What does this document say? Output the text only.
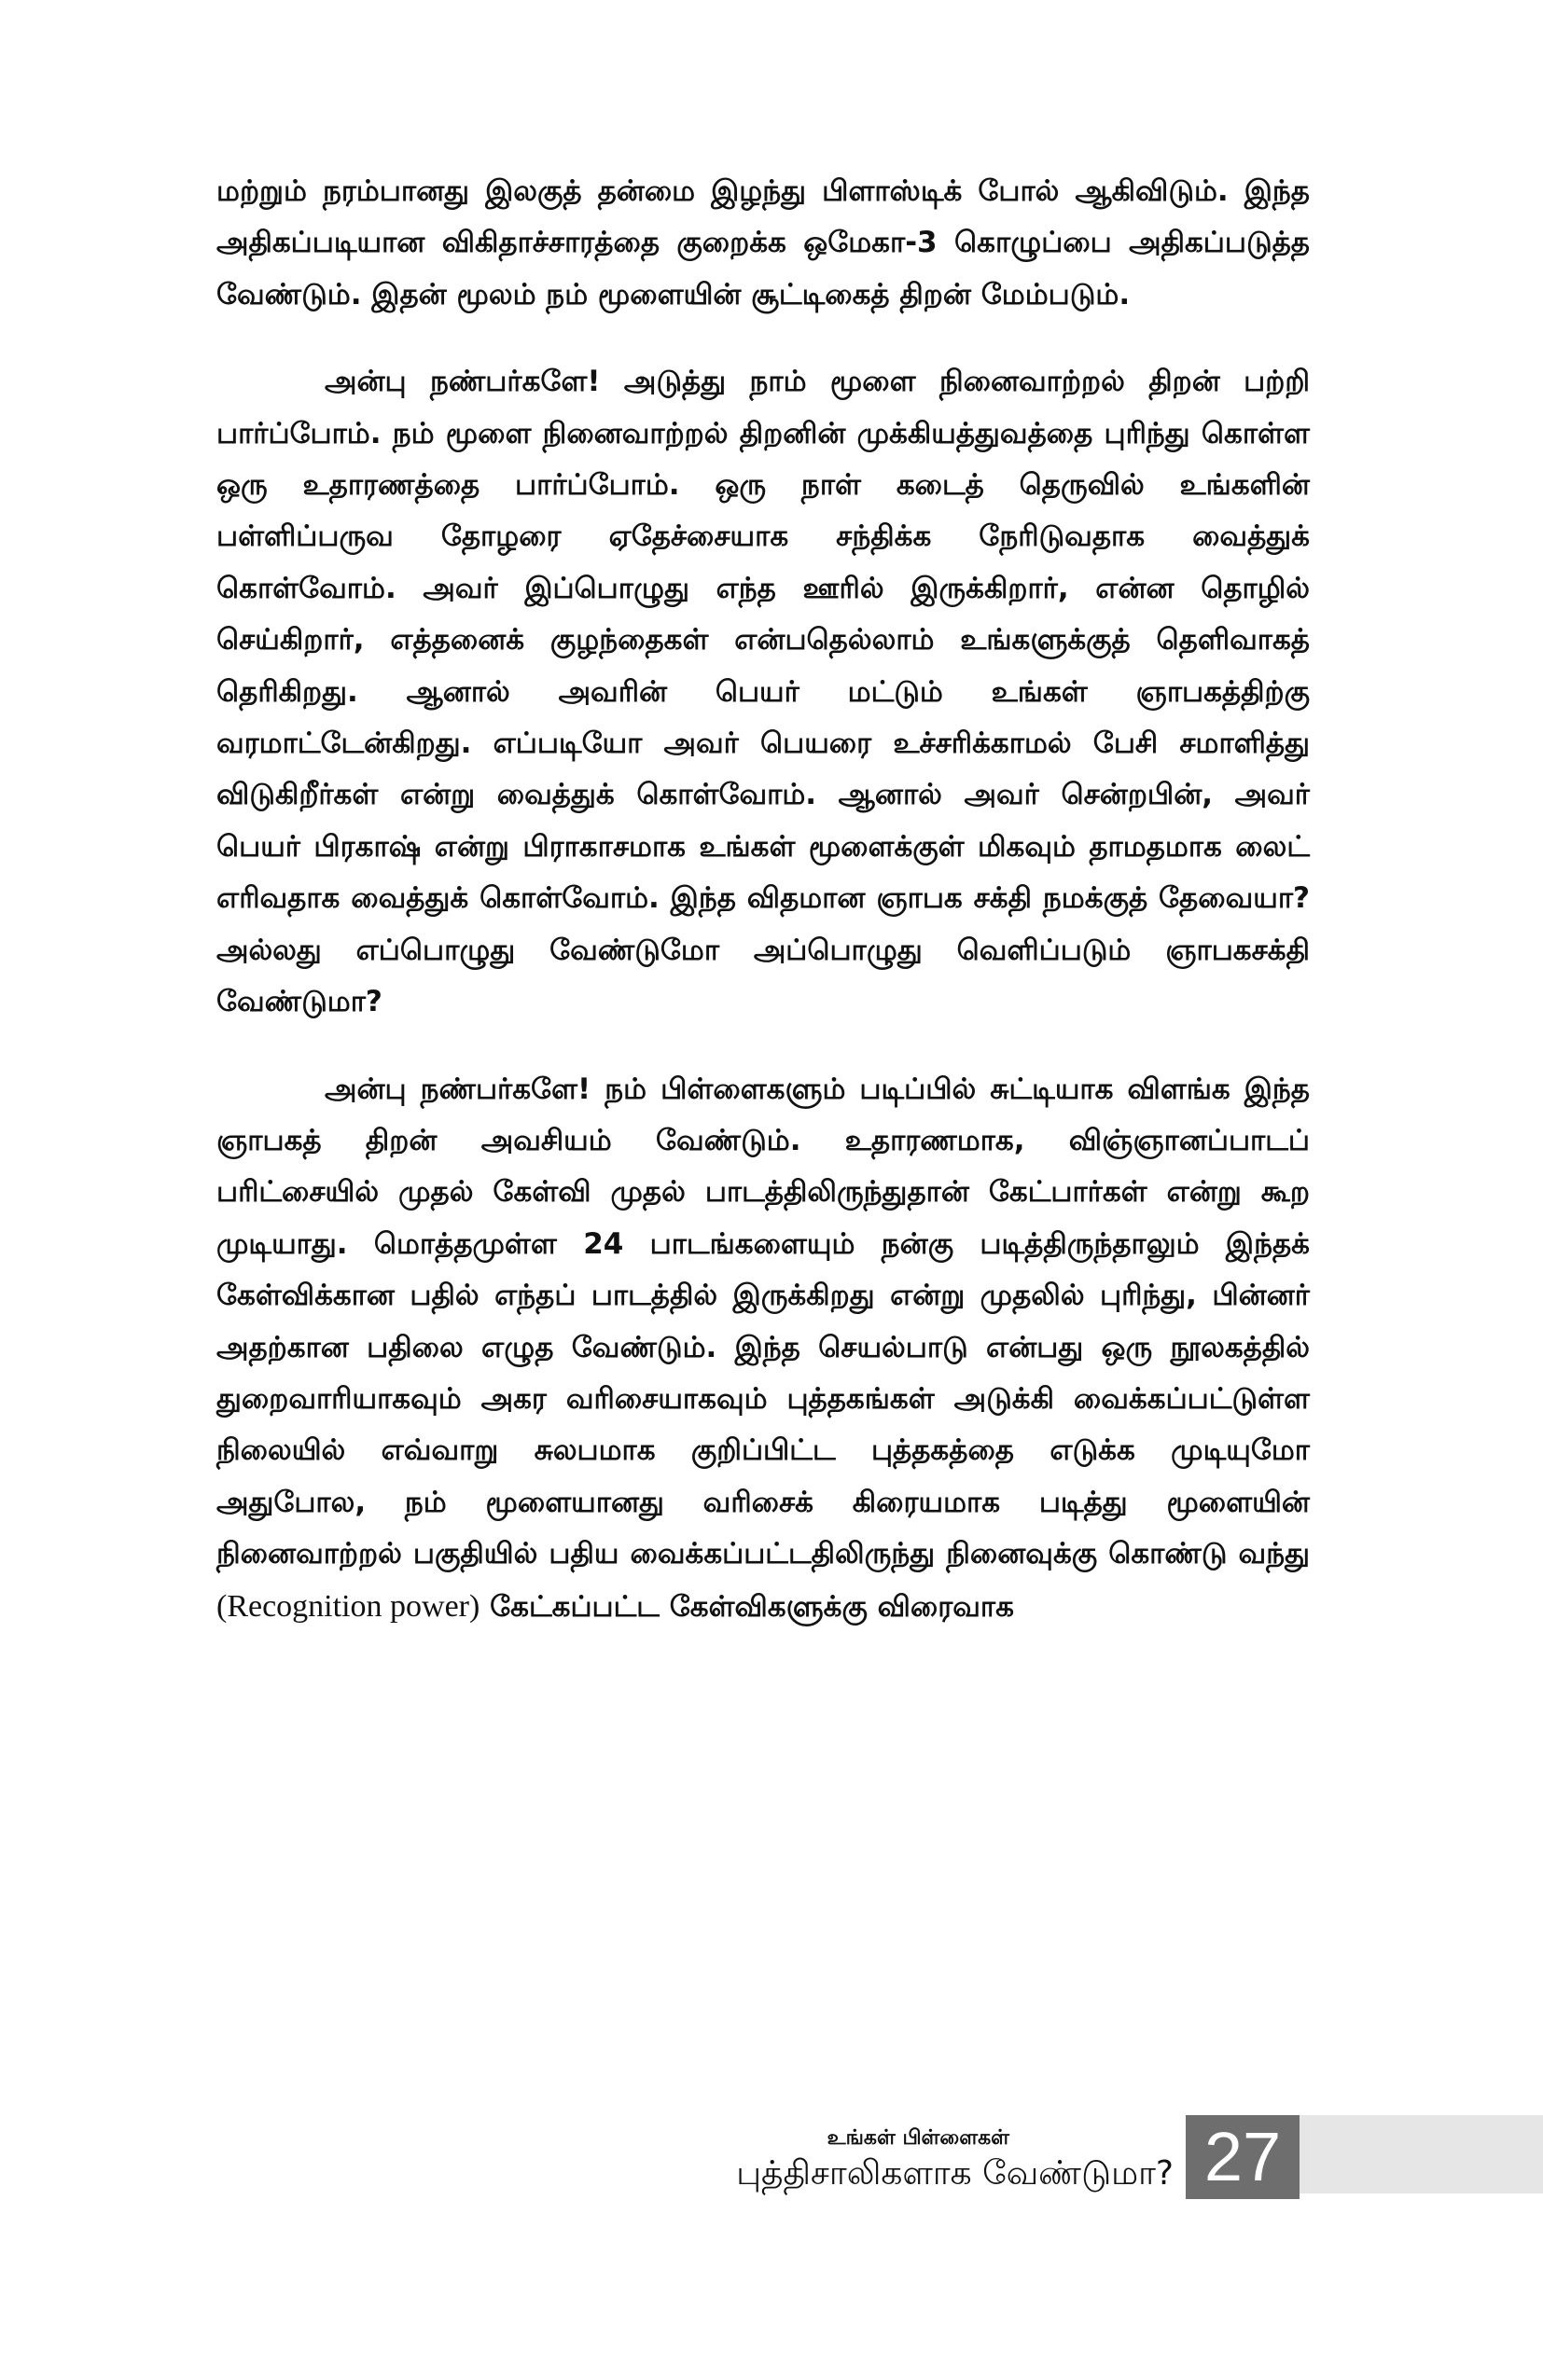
மற்றும் நரம்பானது இலகுத் தன்மை இழந்து பிளாஸ்டிக் போல் ஆகிவிடும். இந்த அதிகப்படியான விகிதாச்சாரத்தை குறைக்க ஒமேகா-3 கொழுப்பை அதிகப்படுத்த வேண்டும். இதன் மூலம் நம் மூளையின் சூட்டிகைத் திறன் மேம்படும்.

அன்பு நண்பர்களே! அடுத்து நாம் மூளை நினைவாற்றல் திறன் பற்றி பார்ப்போம். நம் மூளை நினைவாற்றல் திறனின் முக்கியத்துவத்தை புரிந்து கொள்ள ஒரு உதாரணத்தை பார்ப்போம். ஒரு நாள் கடைத் தெருவில் உங்களின் பள்ளிப்பருவ தோழரை ஏதேச்சையாக சந்திக்க நேரிடுவதாக வைத்துக் கொள்வோம். அவர் இப்பொழுது எந்த ஊரில் இருக்கிறார், என்ன தொழில் செய்கிறார், எத்தனைக் குழந்தைகள் என்பதெல்லாம் உங்களுக்குத் தெளிவாகத் தெரிகிறது. ஆனால் அவரின் பெயர் மட்டும் உங்கள் ஞாபகத்திற்கு வரமாட்டேன்கிறது. எப்படியோ அவர் பெயரை உச்சரிக்காமல் பேசி சமாளித்து விடுகிறீர்கள் என்று வைத்துக் கொள்வோம். ஆனால் அவர் சென்றபின், அவர் பெயர் பிரகாஷ் என்று பிராகாசமாக உங்கள் மூளைக்குள் மிகவும் தாமதமாக லைட் எரிவதாக வைத்துக் கொள்வோம். இந்த விதமான ஞாபக சக்தி நமக்குத் தேவையா? அல்லது எப்பொழுது வேண்டுமோ அப்பொழுது வெளிப்படும் ஞாபகசக்தி வேண்டுமா?

அன்பு நண்பர்களே! நம் பிள்ளைகளும் படிப்பில் சுட்டியாக விளங்க இந்த ஞாபகத் திறன் அவசியம் வேண்டும். உதாரணமாக, விஞ்ஞானப்பாடப் பரிட்சையில் முதல் கேள்வி முதல் பாடத்திலிருந்துதான் கேட்பார்கள் என்று கூற முடியாது. மொத்தமுள்ள 24 பாடங்களையும் நன்கு படித்திருந்தாலும் இந்தக் கேள்விக்கான பதில் எந்தப் பாடத்தில் இருக்கிறது என்று முதலில் புரிந்து, பின்னர் அதற்கான பதிலை எழுத வேண்டும். இந்த செயல்பாடு என்பது ஒரு நூலகத்தில் துறைவாரியாகவும் அகர வரிசையாகவும் புத்தகங்கள் அடுக்கி வைக்கப்பட்டுள்ள நிலையில் எவ்வாறு சுலபமாக குறிப்பிட்ட புத்தகத்தை எடுக்க முடியுமோ அதுபோல, நம் மூளையானது வரிசைக் கிரையமாக படித்து மூளையின் நினைவாற்றல் பகுதியில் பதிய வைக்கப்பட்டதிலிருந்து நினைவுக்கு கொண்டு வந்து (Recognition power) கேட்கப்பட்ட கேள்விகளுக்கு விரைவாக

உங்கள் பிள்ளைகள்
புத்திசாலிகளாக வேண்டுமா? 27
